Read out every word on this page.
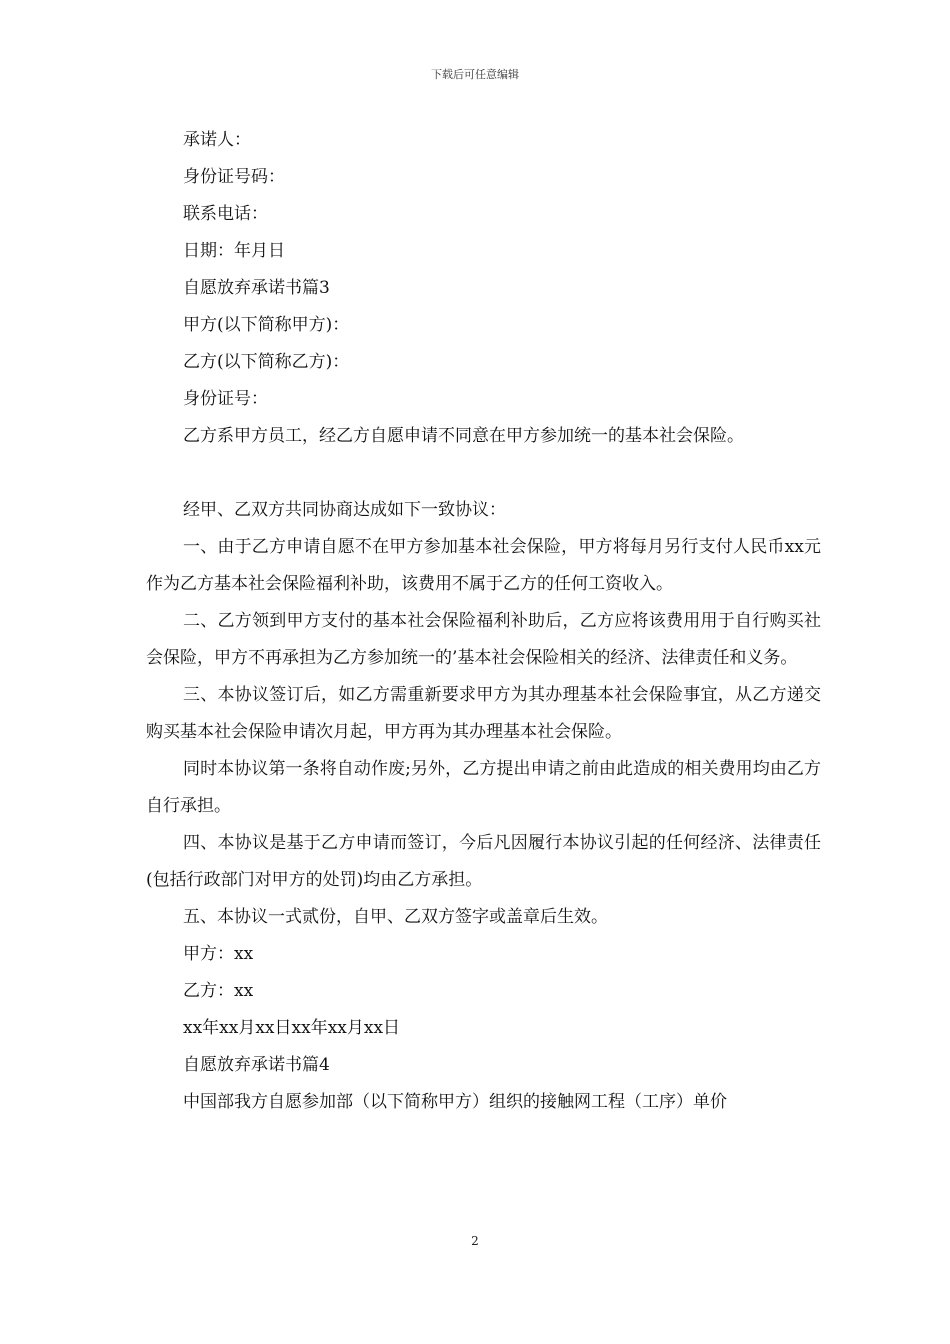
下载后可任意编辑
承诺人：
身份证号码：
联系电话：
日期：年月日
自愿放弃承诺书篇3
甲方(以下简称甲方)：
乙方(以下简称乙方)：
身份证号：
乙方系甲方员工，经乙方自愿申请不同意在甲方参加统一的基本社会保险。
经甲、乙双方共同协商达成如下一致协议：

一、由于乙方申请自愿不在甲方参加基本社会保险，甲方将每月另行支付人民币xx元作为乙方基本社会保险福利补助，该费用不属于乙方的任何工资收入。

二、乙方领到甲方支付的基本社会保险福利补助后，乙方应将该费用用于自行购买社会保险，甲方不再承担为乙方参加统一的’基本社会保险相关的经济、法律责任和义务。

三、本协议签订后，如乙方需重新要求甲方为其办理基本社会保险事宜，从乙方递交购买基本社会保险申请次月起，甲方再为其办理基本社会保险。

同时本协议第一条将自动作废;另外，乙方提出申请之前由此造成的相关费用均由乙方自行承担。

四、本协议是基于乙方申请而签订，今后凡因履行本协议引起的任何经济、法律责任(包括行政部门对甲方的处罚)均由乙方承担。

五、本协议一式贰份，自甲、乙双方签字或盖章后生效。

甲方：xx
乙方：xx
xx年xx月xx日xx年xx月xx日
自愿放弃承诺书篇4
中国部我方自愿参加部（以下简称甲方）组织的接触网工程（工序）单价
2
